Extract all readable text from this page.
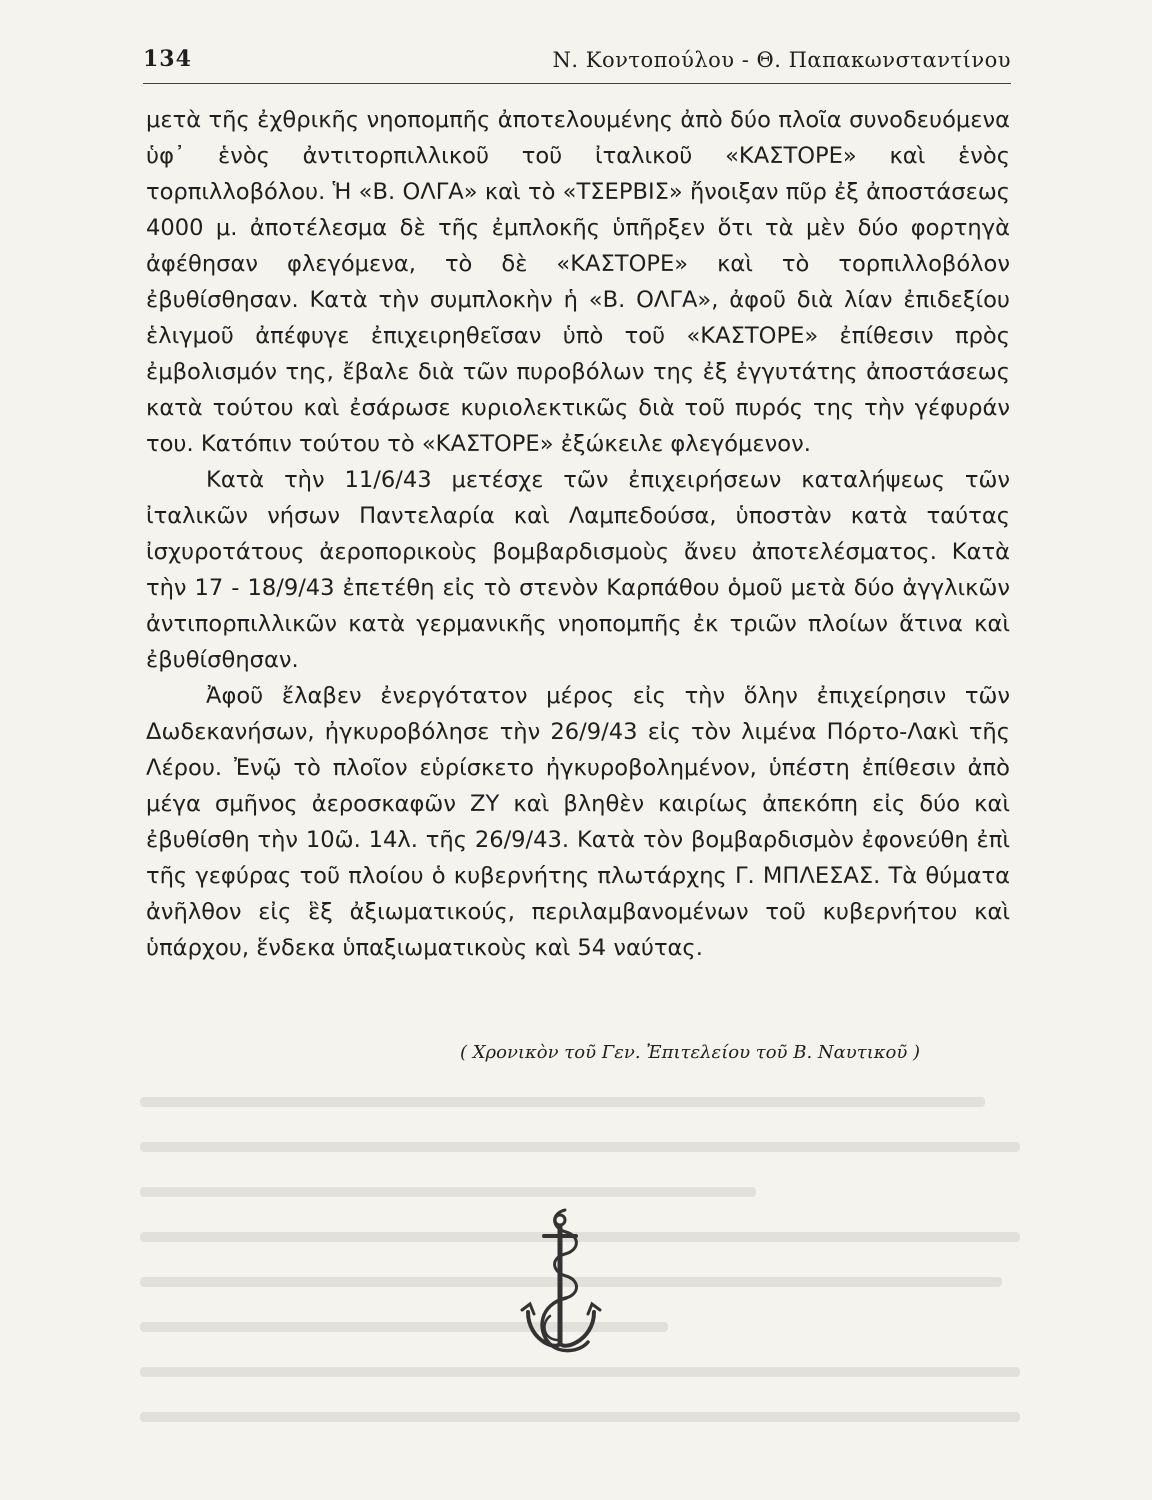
134	Ν. Κοντοπούλου - Θ. Παπακωνσταντίνου

μετὰ τῆς ἐχθρικῆς νηοπομπῆς ἀποτελουμένης ἀπὸ δύο πλοῖα συνοδευόμενα ὑφ᾽ ἑνὸς ἀντιτορπιλλικοῦ τοῦ ἰταλικοῦ «ΚΑΣΤΟΡΕ» καὶ ἑνὸς τορπιλλοβόλου. Ἡ «Β. ΟΛΓΑ» καὶ τὸ «ΤΣΕΡΒΙΣ» ἤνοιξαν πῦρ ἐξ ἀποστάσεως 4000 μ. ἀποτέλεσμα δὲ τῆς ἐμπλοκῆς ὑπῆρξεν ὅτι τὰ μὲν δύο φορτηγὰ ἀφέθησαν φλεγόμενα, τὸ δὲ «ΚΑΣΤΟΡΕ» καὶ τὸ τορπιλλοβόλον ἐβυθίσθησαν. Κατὰ τὴν συμπλοκὴν ἡ «Β. ΟΛΓΑ», ἀφοῦ διὰ λίαν ἐπιδεξίου ἑλιγμοῦ ἀπέφυγε ἐπιχειρηθεῖσαν ὑπὸ τοῦ «ΚΑΣΤΟΡΕ» ἐπίθεσιν πρὸς ἐμβολισμόν της, ἔβαλε διὰ τῶν πυροβόλων της ἐξ ἐγγυτάτης ἀποστάσεως κατὰ τούτου καὶ ἐσάρωσε κυριολεκτικῶς διὰ τοῦ πυρός της τὴν γέφυράν του. Κατόπιν τούτου τὸ «ΚΑΣΤΟΡΕ» ἐξώκειλε φλεγόμενον.

Κατὰ τὴν 11/6/43 μετέσχε τῶν ἐπιχειρήσεων καταλήψεως τῶν ἰταλικῶν νήσων Παντελαρία καὶ Λαμπεδούσα, ὑποστὰν κατὰ ταύτας ἰσχυροτάτους ἀεροπορικοὺς βομβαρδισμοὺς ἄνευ ἀποτελέσματος. Κατὰ τὴν 17 - 18/9/43 ἐπετέθη εἰς τὸ στενὸν Καρπάθου ὁμοῦ μετὰ δύο ἀγγλικῶν ἀντιπορπιλλικῶν κατὰ γερμανικῆς νηοπομπῆς ἐκ τριῶν πλοίων ἅτινα καὶ ἐβυθίσθησαν.

Ἀφοῦ ἔλαβεν ἐνεργότατον μέρος εἰς τὴν ὅλην ἐπιχείρησιν τῶν Δωδεκανήσων, ἠγκυροβόλησε τὴν 26/9/43 εἰς τὸν λιμένα Πόρτο-Λακὶ τῆς Λέρου. Ἐνῷ τὸ πλοῖον εὑρίσκετο ἠγκυροβολημένον, ὑπέστη ἐπίθεσιν ἀπὸ μέγα σμῆνος ἀεροσκαφῶν ΖΥ καὶ βληθὲν καιρίως ἀπεκόπη εἰς δύο καὶ ἐβυθίσθη τὴν 10ῶ. 14λ. τῆς 26/9/43. Κατὰ τὸν βομβαρδισμὸν ἐφονεύθη ἐπὶ τῆς γεφύρας τοῦ πλοίου ὁ κυβερνήτης πλωτάρχης Γ. ΜΠΛΕΣΑΣ. Τὰ θύματα ἀνῆλθον εἰς ἓξ ἀξιωματικούς, περιλαμβανομένων τοῦ κυβερνήτου καὶ ὑπάρχου, ἕνδεκα ὑπαξιωματικοὺς καὶ 54 ναύτας.

( Χρονικὸν τοῦ Γεν. Ἐπιτελείου τοῦ Β. Ναυτικοῦ )
